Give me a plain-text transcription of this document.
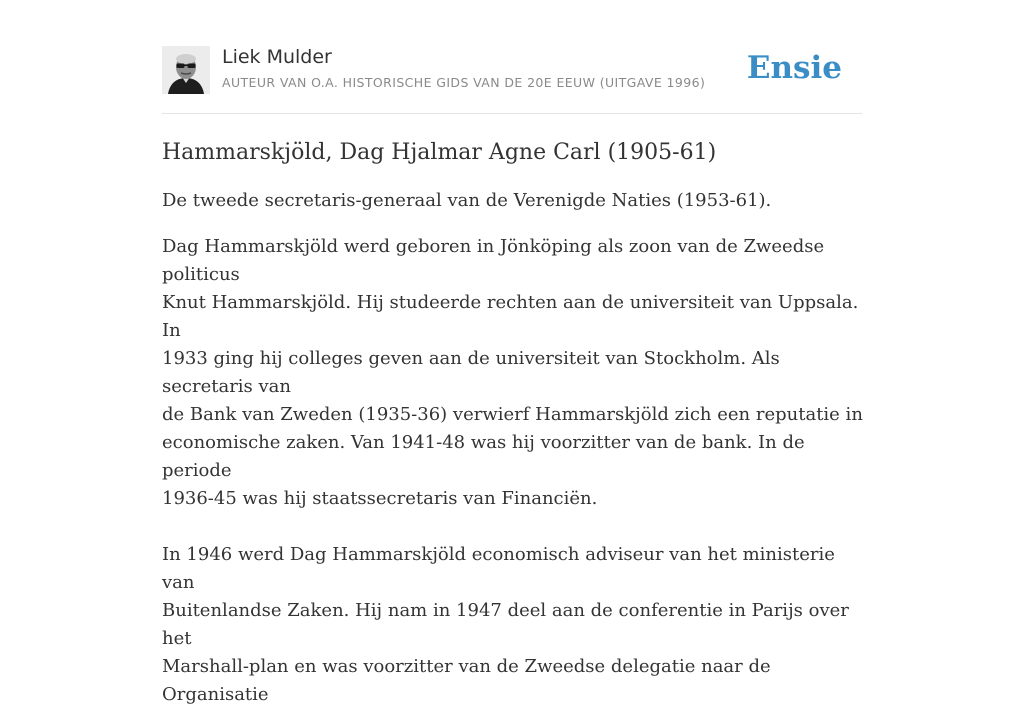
Liek Mulder
AUTEUR VAN O.A. HISTORISCHE GIDS VAN DE 20E EEUW (UITGAVE 1996) Ensie
Hammarskjöld, Dag Hjalmar Agne Carl (1905-61)

De tweede secretaris-generaal van de Verenigde Naties (1953-61).

Dag Hammarskjöld werd geboren in Jönköping als zoon van de Zweedse politicus
Knut Hammarskjöld. Hij studeerde rechten aan de universiteit van Uppsala. In
1933 ging hij colleges geven aan de universiteit van Stockholm. Als secretaris van
de Bank van Zweden (1935-36) verwierf Hammarskjöld zich een reputatie in
economische zaken. Van 1941-48 was hij voorzitter van de bank. In de periode
1936-45 was hij staatssecretaris van Financiën.

In 1946 werd Dag Hammarskjöld economisch adviseur van het ministerie van
Buitenlandse Zaken. Hij nam in 1947 deel aan de conferentie in Parijs over het
Marshall-plan en was voorzitter van de Zweedse delegatie naar de Organisatie
